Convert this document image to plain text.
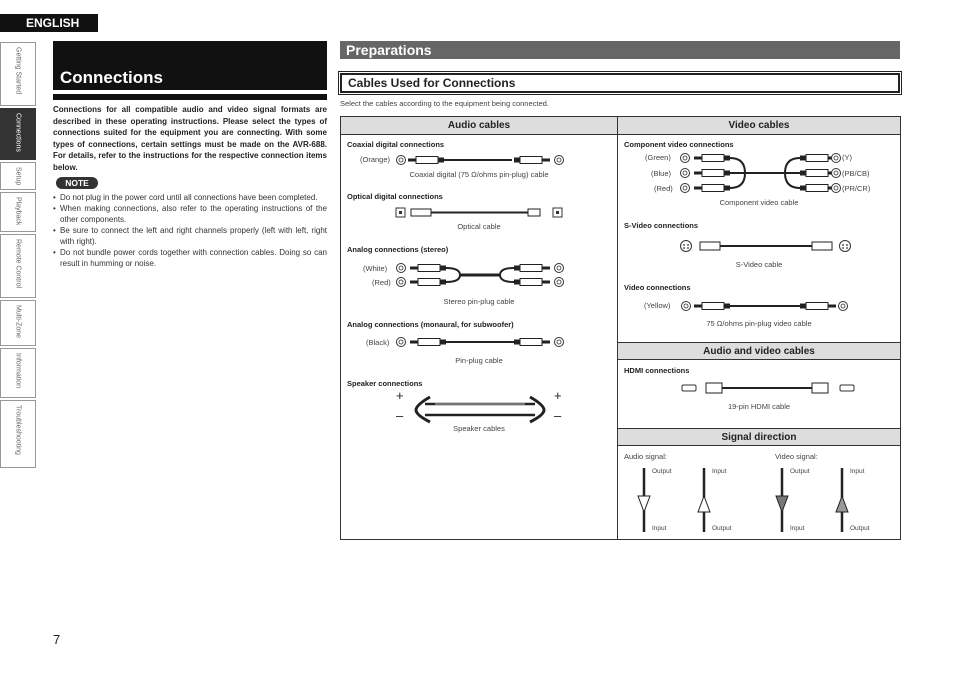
ENGLISH
Getting Started
Connections
Setup
Playback
Remote Control
Multi-Zone
Information
Troubleshooting
Connections
Connections for all compatible audio and video signal formats are described in these operating instructions. Please select the types of connections suited for the equipment you are connecting. With some types of connections, certain settings must be made on the AVR-688. For details, refer to the instructions for the respective connection items below.
NOTE
• Do not plug in the power cord until all connections have been completed.
• When making connections, also refer to the operating instructions of the other components.
• Be sure to connect the left and right channels properly (left with left, right with right).
• Do not bundle power cords together with connection cables. Doing so can result in humming or noise.
7
Preparations
Cables Used for Connections
Select the cables according to the equipment being connected.
Audio cables	Video cables
Audio and video cables
Signal direction
Coaxial digital connections
(Orange)
Coaxial digital (75 Ω/ohms pin-plug) cable
Optical digital connections
Optical cable
Analog connections (stereo)
(White)
(Red)
Stereo pin-plug cable
Analog connections (monaural, for subwoofer)
(Black)
Pin-plug cable
Speaker connections
+
–
+
–
Speaker cables
Component video connections
(Green)
(Blue)
(Red)
(Y)
(PB/CB)
(PR/CR)
Component video cable
S-Video connections
S-Video cable
Video connections
(Yellow)
75 Ω/ohms pin-plug video cable
HDMI connections
19-pin HDMI cable
Audio signal:	Video signal:
Output	Input
Input	Output
Output	Input
Input	Output
